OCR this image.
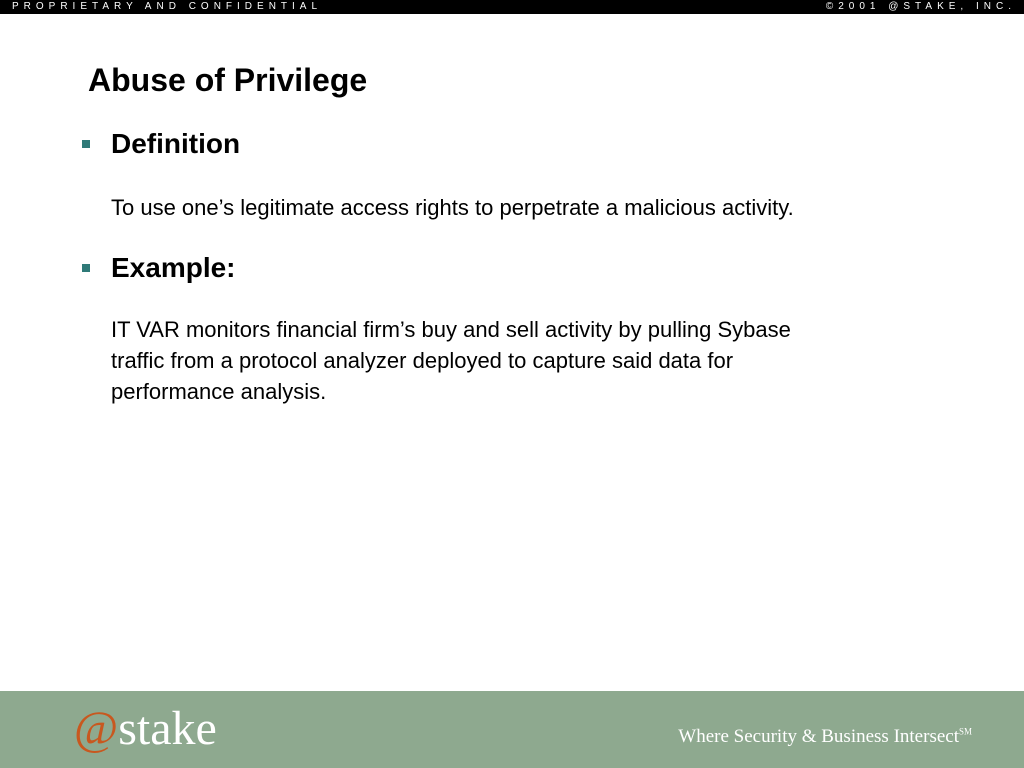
PROPRIETARY AND CONFIDENTIAL	©2001 @STAKE, INC.
Abuse of Privilege
Definition
To use one’s legitimate access rights to perpetrate a malicious activity.
Example:
IT VAR monitors financial firm’s buy and sell activity by pulling Sybase
traffic from a protocol analyzer deployed to capture said data for
performance analysis.
@stake	Where Security & Business Intersect℠
